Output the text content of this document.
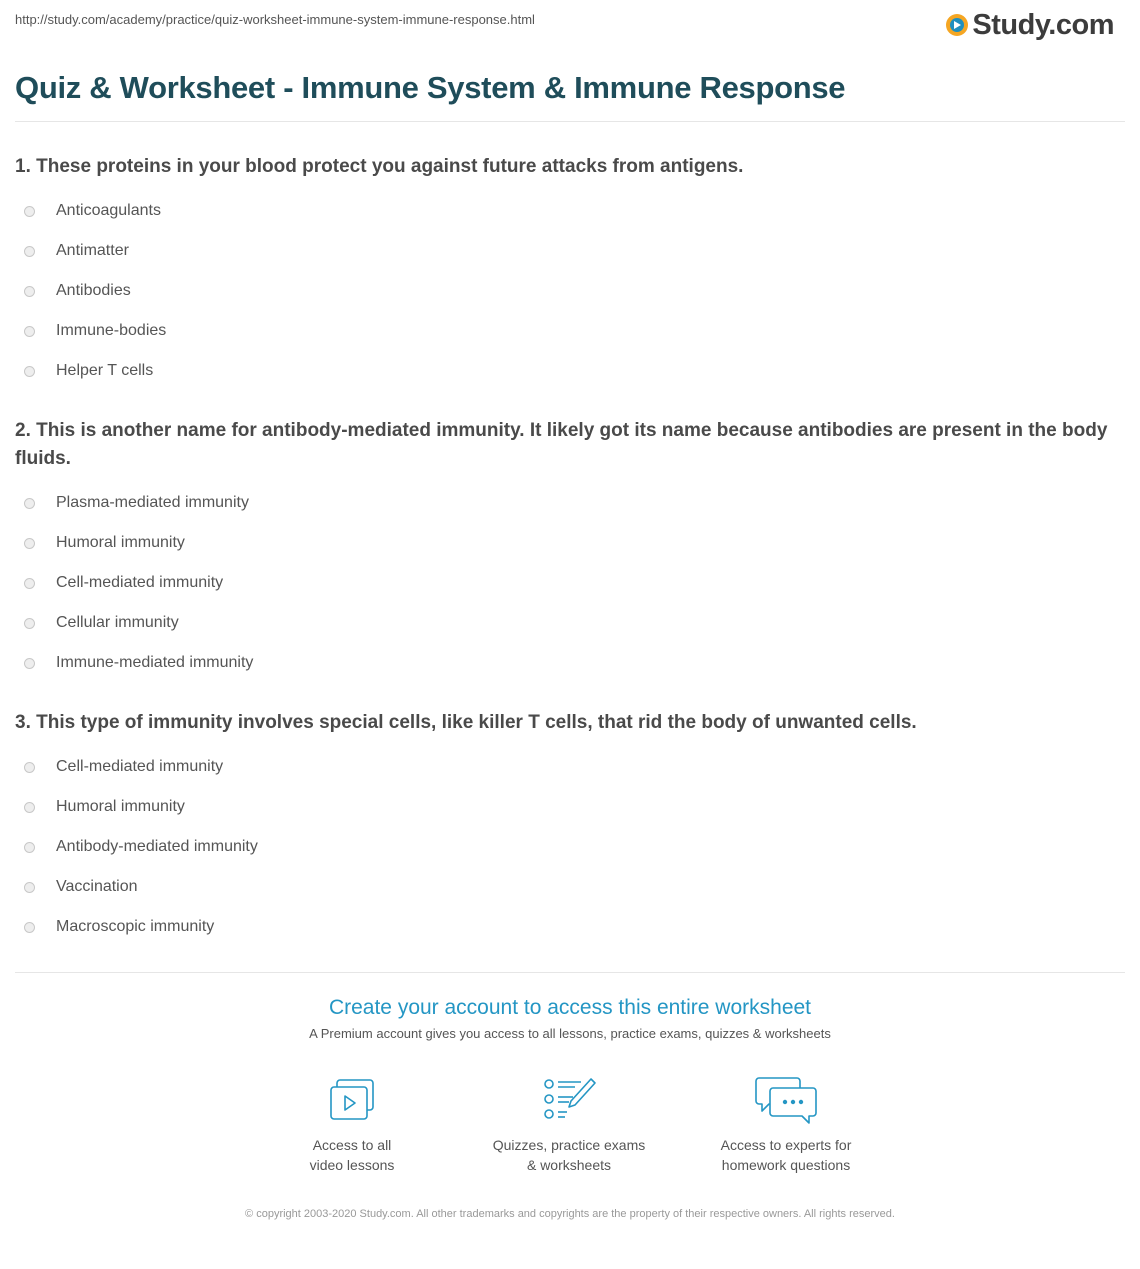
http://study.com/academy/practice/quiz-worksheet-immune-system-immune-response.html	Study.com
Quiz & Worksheet - Immune System & Immune Response

1. These proteins in your blood protect you against future attacks from antigens.

Anticoagulants
Antimatter
Antibodies
Immune-bodies
Helper T cells

2. This is another name for antibody-mediated immunity. It likely got its name because antibodies are present in the body fluids.

Plasma-mediated immunity
Humoral immunity
Cell-mediated immunity
Cellular immunity
Immune-mediated immunity

3. This type of immunity involves special cells, like killer T cells, that rid the body of unwanted cells.

Cell-mediated immunity
Humoral immunity
Antibody-mediated immunity
Vaccination
Macroscopic immunity

Create your account to access this entire worksheet

A Premium account gives you access to all lessons, practice exams, quizzes & worksheets
Access to all
video lessons
Quizzes, practice exams
& worksheets
Access to experts for
homework questions
© copyright 2003-2020 Study.com. All other trademarks and copyrights are the property of their respective owners. All rights reserved.
